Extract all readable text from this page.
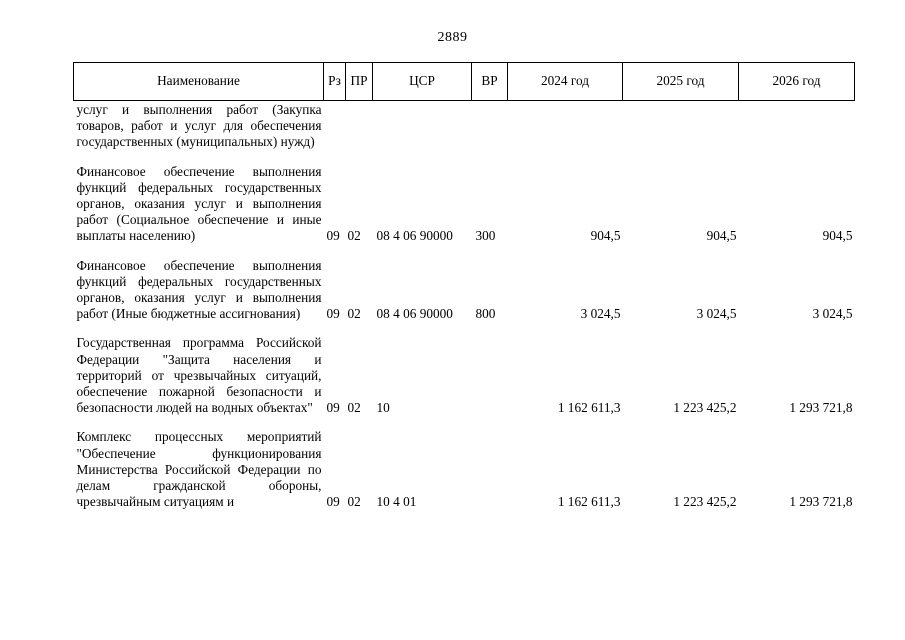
2889
Наименование	Рз	ПР	ЦСР	ВР	2024 год	2025 год	2026 год
услуг и выполнения работ (Закупка товаров, работ и услуг для обеспечения государственных (муниципальных) нужд)							

Финансовое обеспечение выполнения функций федеральных государственных органов, оказания услуг и выполнения работ (Социальное обеспечение и иные выплаты населению)	09	02	08 4 06 90000	300	904,5	904,5	904,5

Финансовое обеспечение выполнения функций федеральных государственных органов, оказания услуг и выполнения работ (Иные бюджетные ассигнования)	09	02	08 4 06 90000	800	3 024,5	3 024,5	3 024,5

Государственная программа Российской Федерации "Защита населения и территорий от чрезвычайных ситуаций, обеспечение пожарной безопасности и безопасности людей на водных объектах"	09	02	10		1 162 611,3	1 223 425,2	1 293 721,8

Комплекс процессных мероприятий "Обеспечение функционирования Министерства Российской Федерации по делам гражданской обороны, чрезвычайным ситуациям и	09	02	10 4 01		1 162 611,3	1 223 425,2	1 293 721,8
